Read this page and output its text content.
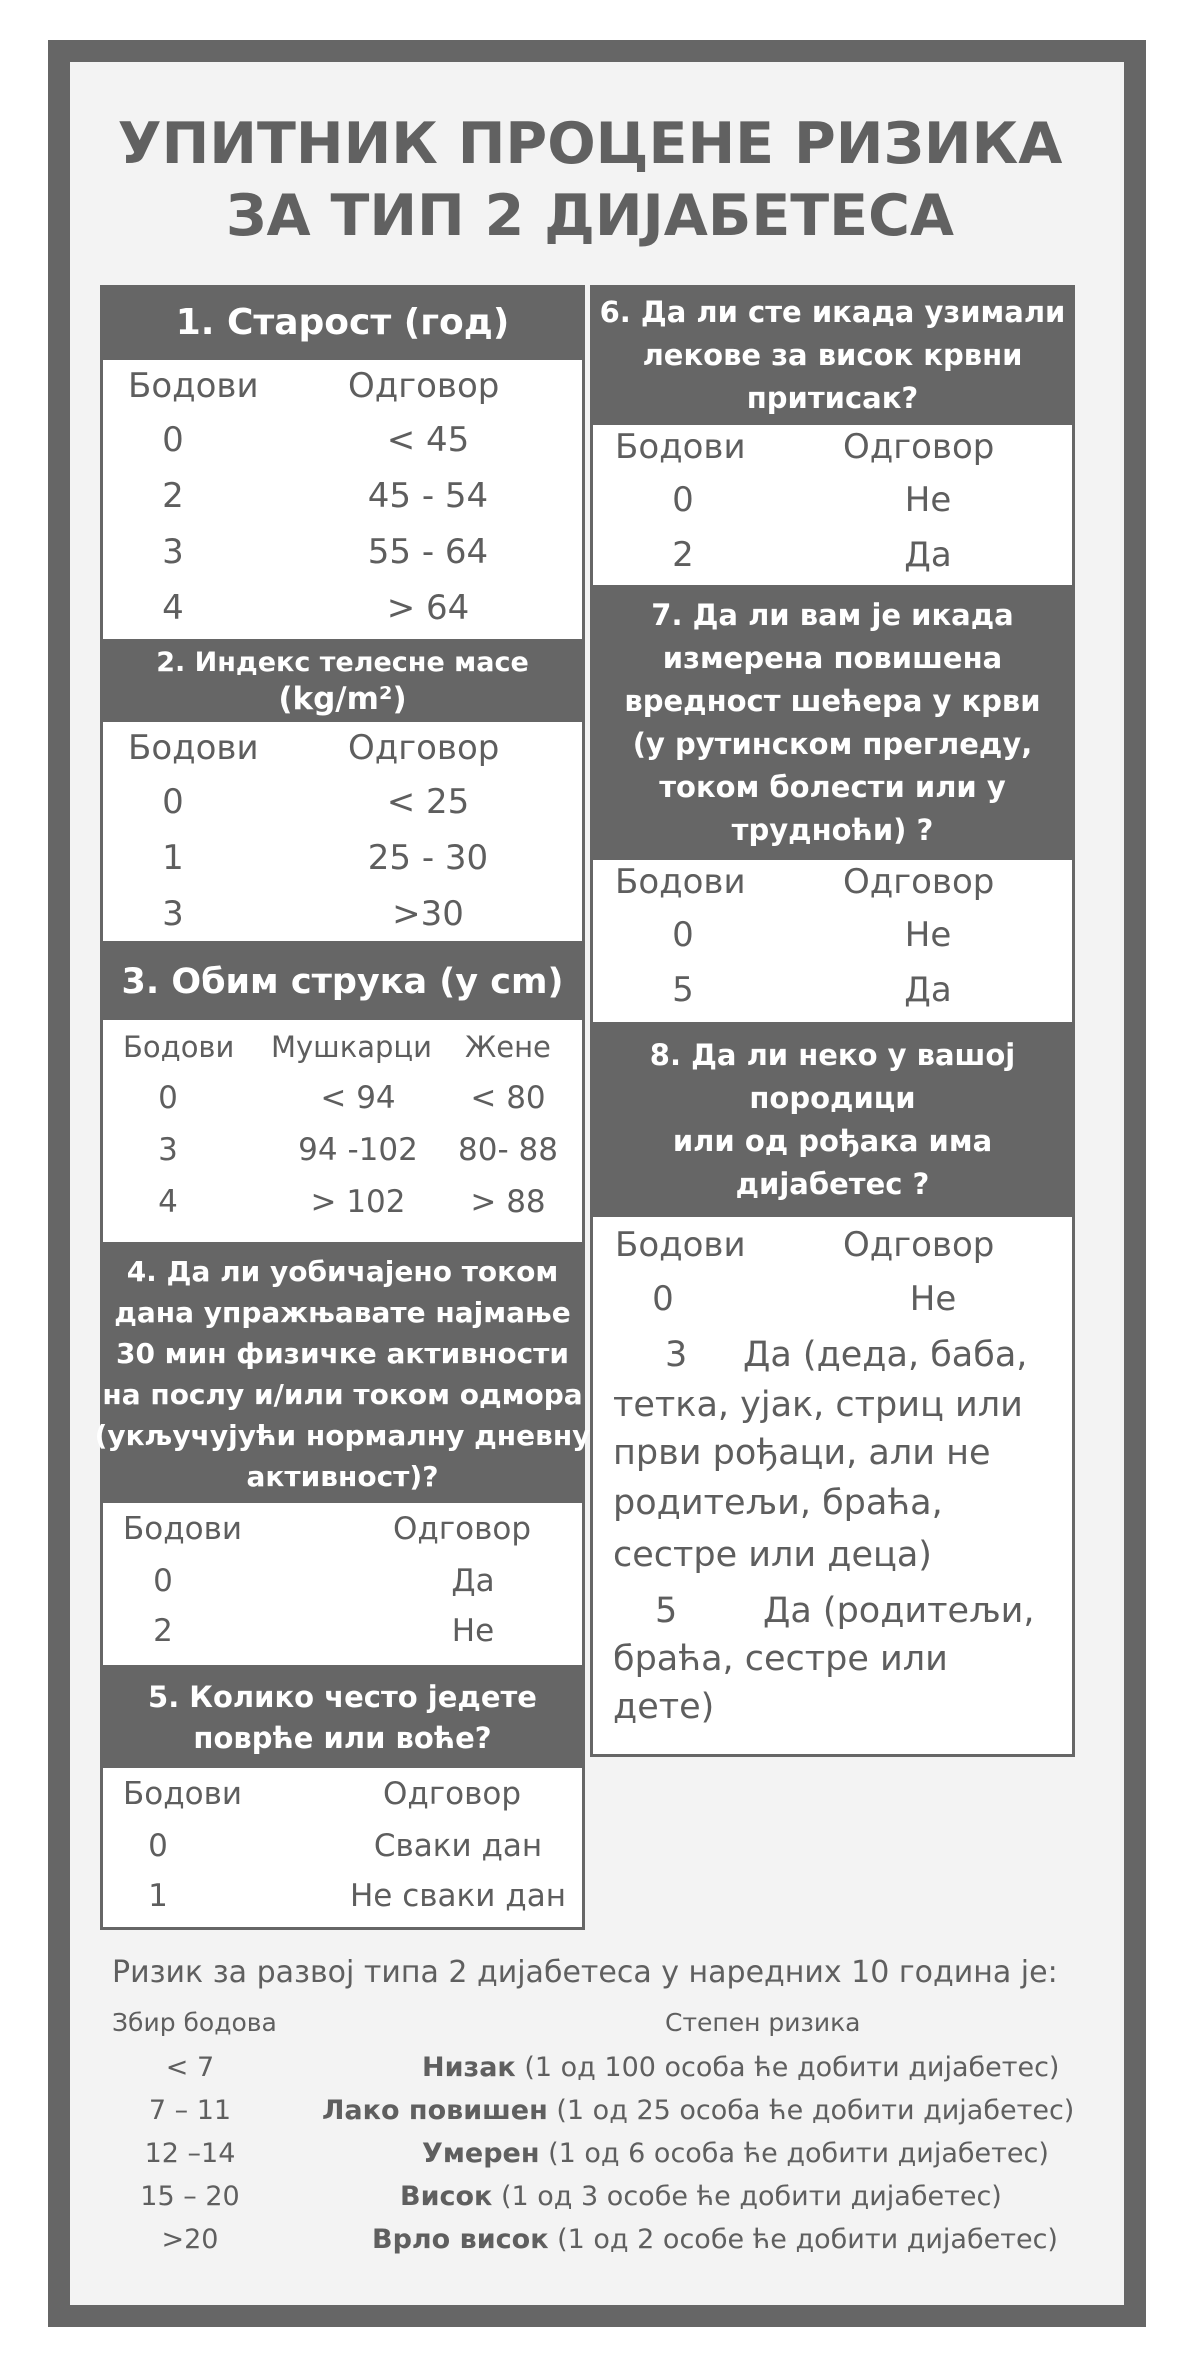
УПИТНИК ПРОЦЕНЕ РИЗИКА
ЗА ТИП 2 ДИЈАБЕТЕСА
1. Старост (год)
Бодови	Одговор
0	< 45
2	45 - 54
3	55 - 64
4	> 64
2. Индекс телесне масе
(kg/m²)
Бодови	Одговор
0	< 25
1	25 - 30
3	>30
3. Обим струка (у cm)
Бодови Мушкарци Жене
0	< 94	< 80
3	94 -102	80- 88
4	> 102	> 88
4. Да ли уобичајено током
дана упражњавате најмање
30 мин физичке активности
на послу и/или током одмора
(укључујући нормалну дневну
активност)?
Бодови	Одговор
0	Да
2	Не
5. Колико често једете
поврће или воће?
Бодови	Одговор
0	Сваки дан
1	Не сваки дан
6. Да ли сте икада узимали
лекове за висок крвни
притисак?
Бодови	Одговор
0	Не
2	Да
7. Да ли вам је икада
измерена повишена
вредност шећера у крви
(у рутинском прегледу,
током болести или у
трудноћи) ?
Бодови	Одговор
0	Не
5	Да
8. Да ли неко у вашој
породици
или од рођака има
дијабетес ?
Бодови	Одговор
0	Не
3 Да (деда, баба,
тетка, ујак, стриц или
први рођаци, али не
родитељи, браћа,
сестре или деца)
5 Да (родитељи,
браћа, сестре или
дете)
Ризик за развој типа 2 дијабетеса у наредних 10 година је:
Збир бодова	Степен ризика
< 7	Низак (1 од 100 особа ће добити дијабетес)
7 – 11	Лако повишен (1 од 25 особа ће добити дијабетес)
12 –14	Умерен (1 од 6 особа ће добити дијабетес)
15 – 20	Висок (1 од 3 особе ће добити дијабетес)
>20	Врло висок (1 од 2 особе ће добити дијабетес)
